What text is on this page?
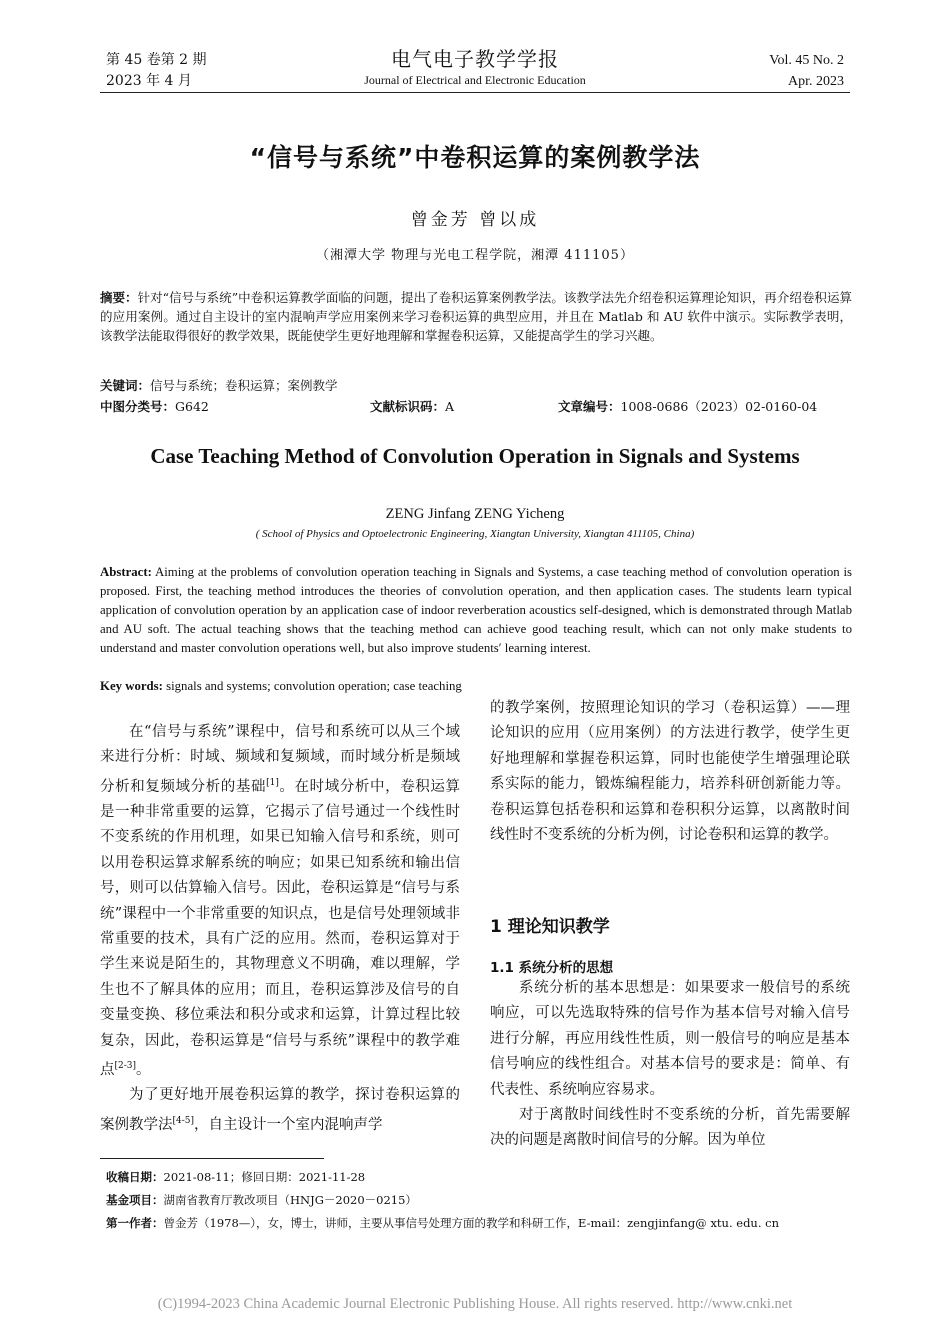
第 45 卷第 2 期
2023 年 4 月
电气电子教学学报
Journal of Electrical and Electronic Education
Vol. 45 No. 2
Apr. 2023
“信号与系统”中卷积运算的案例教学法
曾金芳 曾以成
（湘潭大学 物理与光电工程学院，湘潭 411105）
摘要：针对“信号与系统”中卷积运算教学面临的问题，提出了卷积运算案例教学法。该教学法先介绍卷积运算理论知识，再介绍卷积运算的应用案例。通过自主设计的室内混响声学应用案例来学习卷积运算的典型应用，并且在 Matlab 和 AU 软件中演示。实际教学表明，该教学法能取得很好的教学效果，既能使学生更好地理解和掌握卷积运算，又能提高学生的学习兴趣。
关键词：信号与系统；卷积运算；案例教学
中图分类号：G642	文献标识码：A	文章编号：1008-0686（2023）02-0160-04
Case Teaching Method of Convolution Operation in Signals and Systems
ZENG Jinfang ZENG Yicheng
( School of Physics and Optoelectronic Engineering, Xiangtan University, Xiangtan 411105, China)
Abstract: Aiming at the problems of convolution operation teaching in Signals and Systems, a case teaching method of convolution operation is proposed. First, the teaching method introduces the theories of convolution operation, and then application cases. The students learn typical application of convolution operation by an application case of indoor reverberation acoustics self-designed, which is demonstrated through Matlab and AU soft. The actual teaching shows that the teaching method can achieve good teaching result, which can not only make students to understand and master convolution operations well, but also improve students′ learning interest.
Key words: signals and systems; convolution operation; case teaching

在“信号与系统”课程中，信号和系统可以从三个域来进行分析：时域、频域和复频域，而时域分析是频域分析和复频域分析的基础[1]。在时域分析中，卷积运算是一种非常重要的运算，它揭示了信号通过一个线性时不变系统的作用机理，如果已知输入信号和系统，则可以用卷积运算求解系统的响应；如果已知系统和输出信号，则可以估算输入信号。因此，卷积运算是“信号与系统”课程中一个非常重要的知识点，也是信号处理领域非常重要的技术，具有广泛的应用。然而，卷积运算对于学生来说是陌生的，其物理意义不明确，难以理解，学生也不了解具体的应用；而且，卷积运算涉及信号的自变量变换、移位乘法和积分或求和运算，计算过程比较复杂，因此，卷积运算是“信号与系统”课程中的教学难点[2-3]。

为了更好地开展卷积运算的教学，探讨卷积运算的案例教学法[4-5]，自主设计一个室内混响声学

的教学案例，按照理论知识的学习（卷积运算）——理论知识的应用（应用案例）的方法进行教学，使学生更好地理解和掌握卷积运算，同时也能使学生增强理论联系实际的能力，锻炼编程能力，培养科研创新能力等。卷积运算包括卷积和运算和卷积积分运算，以离散时间线性时不变系统的分析为例，讨论卷积和运算的教学。

1 理论知识教学
1.1 系统分析的思想

系统分析的基本思想是：如果要求一般信号的系统响应，可以先选取特殊的信号作为基本信号对输入信号进行分解，再应用线性性质，则一般信号的响应是基本信号响应的线性组合。对基本信号的要求是：简单、有代表性、系统响应容易求。

对于离散时间线性时不变系统的分析，首先需要解决的问题是离散时间信号的分解。因为单位

收稿日期：2021-08-11；修回日期：2021-11-28
基金项目：湖南省教育厅教改项目（HNJG－2020－0215）
第一作者：曾金芳（1978—），女，博士，讲师，主要从事信号处理方面的教学和科研工作，E-mail：zengjinfang@ xtu. edu. cn
(C)1994-2023 China Academic Journal Electronic Publishing House. All rights reserved. http://www.cnki.net
